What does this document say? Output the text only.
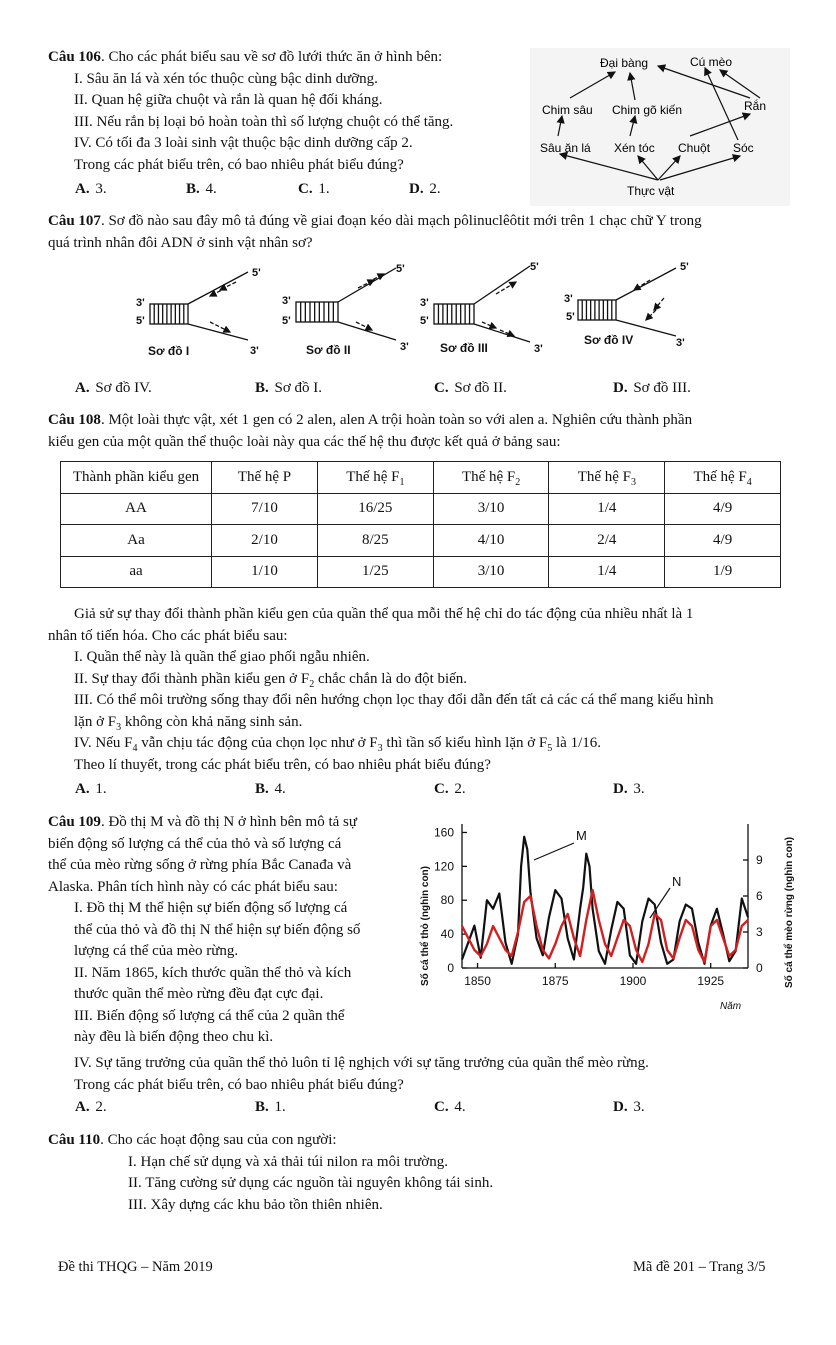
Câu 106. Cho các phát biểu sau về sơ đồ lưới thức ăn ở hình bên:
I. Sâu ăn lá và xén tóc thuộc cùng bậc dinh dưỡng.
II. Quan hệ giữa chuột và rắn là quan hệ đối kháng.
III. Nếu rắn bị loại bỏ hoàn toàn thì số lượng chuột có thể tăng.
IV. Có tối đa 3 loài sinh vật thuộc bậc dinh dưỡng cấp 2.
Trong các phát biểu trên, có bao nhiêu phát biểu đúng?
A. 3.	B. 4.	C. 1.	D. 2.
Đại bàng	Cú mèo
Chim sâu Chim gõ kiến	Rắn
Sâu ăn lá Xén tóc Chuột Sóc
Thực vật
Câu 107. Sơ đồ nào sau đây mô tả đúng về giai đoạn kéo dài mạch pôlinuclêôtit mới trên 1 chạc chữ Y trong
quá trình nhân đôi ADN ở sinh vật nhân sơ?
3'
5'
5'
3'
Sơ đồ I
3'
5'
5'
3'
Sơ đồ II
3'
5'
5'
3'
Sơ đồ III
3'
5'
5'
3'
Sơ đồ IV
A. Sơ đồ IV.	B. Sơ đồ I.	C. Sơ đồ II.	D. Sơ đồ III.
Câu 108. Một loài thực vật, xét 1 gen có 2 alen, alen A trội hoàn toàn so với alen a. Nghiên cứu thành phần
kiểu gen của một quần thể thuộc loài này qua các thế hệ thu được kết quả ở bảng sau:
Thành phần kiểu gen	Thế hệ P	Thế hệ $F_1$	Thế hệ $F_2$	Thế hệ $F_3$	Thế hệ $F_4$
AA	7/10	16/25	3/10	1/4	4/9
Aa	2/10	8/25	4/10	2/4	4/9
aa	1/10	1/25	3/10	1/4	1/9
Giả sử sự thay đổi thành phần kiểu gen của quần thể qua mỗi thế hệ chỉ do tác động của nhiều nhất là 1
nhân tố tiến hóa. Cho các phát biểu sau:
I. Quần thể này là quần thể giao phối ngẫu nhiên.
II. Sự thay đổi thành phần kiểu gen ở $F_2$ chắc chắn là do đột biến.
III. Có thể môi trường sống thay đổi nên hướng chọn lọc thay đổi dẫn đến tất cả các cá thể mang kiểu hình
lặn ở $F_3$ không còn khả năng sinh sản.
IV. Nếu $F_4$ vẫn chịu tác động của chọn lọc như ở $F_3$ thì tần số kiểu hình lặn ở $F_5$ là 1/16.
Theo lí thuyết, trong các phát biểu trên, có bao nhiêu phát biểu đúng?
A. 1.	B. 4.	C. 2.	D. 3.
Câu 109. Đồ thị M và đồ thị N ở hình bên mô tả sự
biến động số lượng cá thể của thỏ và số lượng cá
thể của mèo rừng sống ở rừng phía Bắc Canađa và
Alaska. Phân tích hình này có các phát biểu sau:
I. Đồ thị M thể hiện sự biến động số lượng cá
thể của thỏ và đồ thị N thể hiện sự biến động số
lượng cá thể của mèo rừng.
II. Năm 1865, kích thước quần thể thỏ và kích
thước quần thể mèo rừng đều đạt cực đại.
III. Biến động số lượng cá thể của 2 quần thể
này đều là biến động theo chu kì.
IV. Sự tăng trưởng của quần thể thỏ luôn tỉ lệ nghịch với sự tăng trưởng của quần thể mèo rừng.
Trong các phát biểu trên, có bao nhiêu phát biểu đúng?
A. 2.	B. 1.	C. 4.	D. 3.
0
40
80
120
160
0
3
6
9
1850	1875	1900	1925
Số cá thể thỏ (nghìn con)	Số cá thể mèo rừng (nghìn con)
Năm
M
N
Câu 110. Cho các hoạt động sau của con người:
I. Hạn chế sử dụng và xả thải túi nilon ra môi trường.
II. Tăng cường sử dụng các nguồn tài nguyên không tái sinh.
III. Xây dựng các khu bảo tồn thiên nhiên.
Đề thi THQG – Năm 2019	Mã đề 201 – Trang 3/5
